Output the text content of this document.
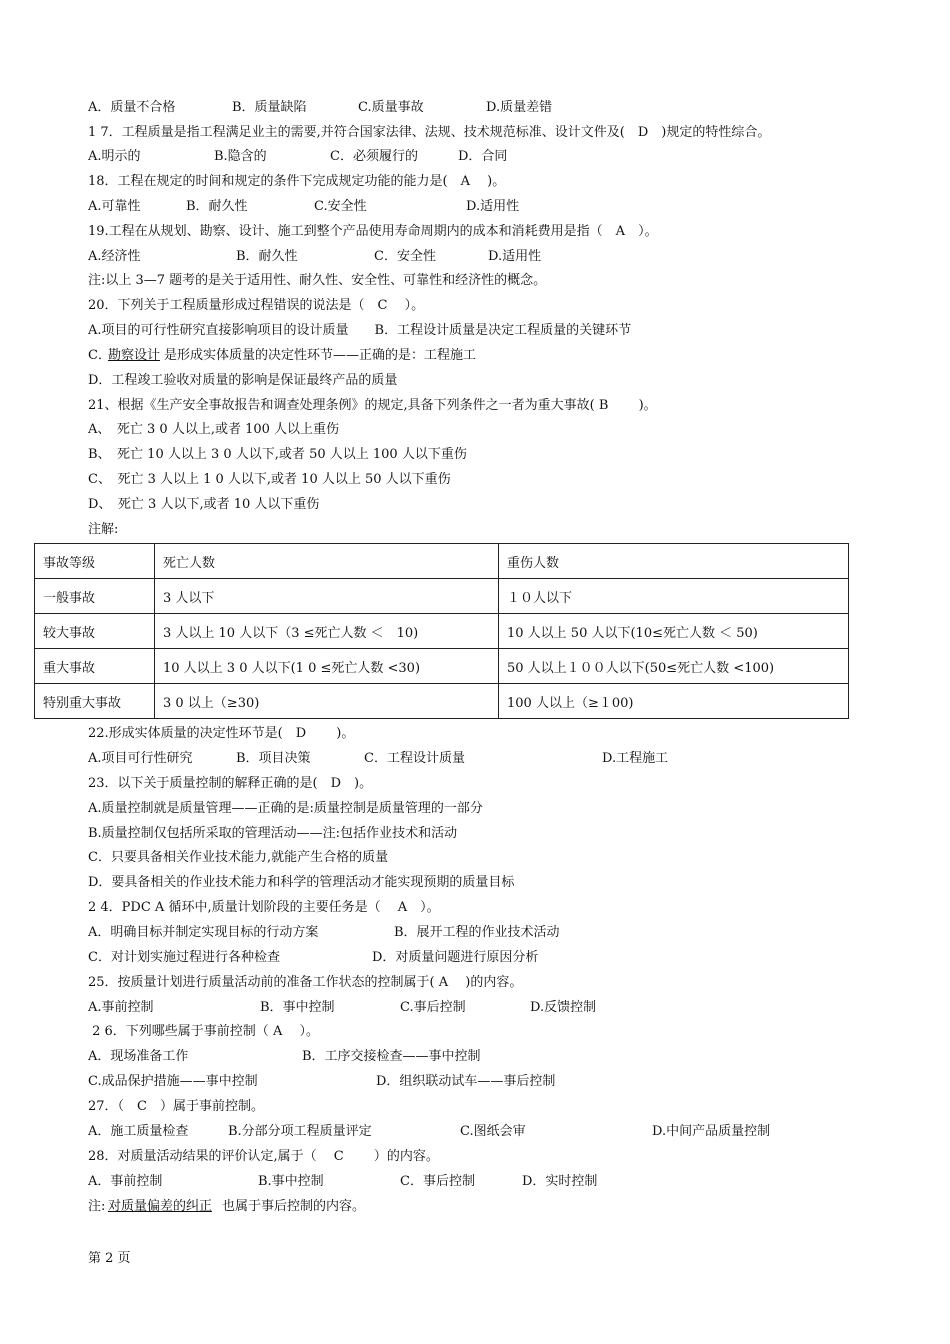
A．质量不合格

	B．质量缺陷

	C.质量事故

	D.质量差错

1 7．工程质量是指工程满足业主的需要,并符合国家法律、法规、技术规范标准、设计文件及(　D　)规定的特性综合。

A.明示的

	B.隐含的

	C．必须履行的

	D．合同

18．工程在规定的时间和规定的条件下完成规定功能的能力是(　A　 )。

A.可靠性

	B．耐久性

	C.安全性

	D.适用性

19.工程在从规划、勘察、设计、施工到整个产品使用寿命周期内的成本和消耗费用是指（　A　）。

A.经济性

	B．耐久性

	C．安全性

	D.适用性

注:以上 3—7 题考的是关于适用性、耐久性、安全性、可靠性和经济性的概念。
20．下列关于工程质量形成过程错误的说法是（　C　 ）。
A.项目的可行性研究直接影响项目的设计质量　　B．工程设计质量是决定工程质量的关键环节

C．

勘察设计

是形成实体质量的决定性环节——正确的是：工程施工

D．工程竣工验收对质量的影响是保证最终产品的质量
21、根据《生产安全事故报告和调查处理条例》的规定,具备下列条件之一者为重大事故( B　　 )。
A、　死亡 3 0 人以上,或者 100 人以上重伤
B、　死亡 10 人以上 3 0 人以下,或者 50 人以上 100 人以下重伤
C、　死亡 3 人以上 1 0 人以下,或者 10 人以上 50 人以下重伤
D、　死亡 3 人以下,或者 10 人以下重伤
注解:
事故等级	死亡人数	重伤人数
一般事故	3 人以下	１０人以下
较大事故	3 人以上 10 人以下（3 ≤死亡人数 ＜　10)	10 人以上 50 人以下(10≤死亡人数 ＜ 50)
重大事故	10 人以上 3 0 人以下(1 0 ≤死亡人数 <30)	50 人以上１００人以下(50≤死亡人数 <100)
特别重大事故	3 0 以上（≥30)	100 人以上（≥１00)
22.形成实体质量的决定性环节是(　D　　 )。

A.项目可行性研究

	B．项目决策

	C．工程设计质量

	D.工程施工

23．以下关于质量控制的解释正确的是(　D　)。
A.质量控制就是质量管理——正确的是:质量控制是质量管理的一部分
B.质量控制仅包括所采取的管理活动——注:包括作业技术和活动
C．只要具备相关作业技术能力,就能产生合格的质量
D．要具备相关的作业技术能力和科学的管理活动才能实现预期的质量目标
2 4．PDC A 循环中,质量计划阶段的主要任务是（　 A　）。

A．明确目标并制定实现目标的行动方案

	B．展开工程的作业技术活动

C．对计划实施过程进行各种检查

	D．对质量问题进行原因分析

25．按质量计划进行质量活动前的准备工作状态的控制属于( A　 )的内容。

A.事前控制

	B．事中控制

	C.事后控制

	D.反馈控制

2 6．下列哪些属于事前控制（ A　 ）。

A．现场准备工作

	B．工序交接检查——事中控制

C.成品保护措施——事中控制

	D．组织联动试车——事后控制

27．（　C　）属于事前控制。

A．施工质量检查

	B.分部分项工程质量评定

	C.图纸会审

	D.中间产品质量控制

28．对质量活动结果的评价认定,属于（　 C　　 ）的内容。

A．事前控制

	B.事中控制

	C．事后控制

	D．实时控制

注:

对质量偏差的纠正

也属于事后控制的内容。

第 2 页
